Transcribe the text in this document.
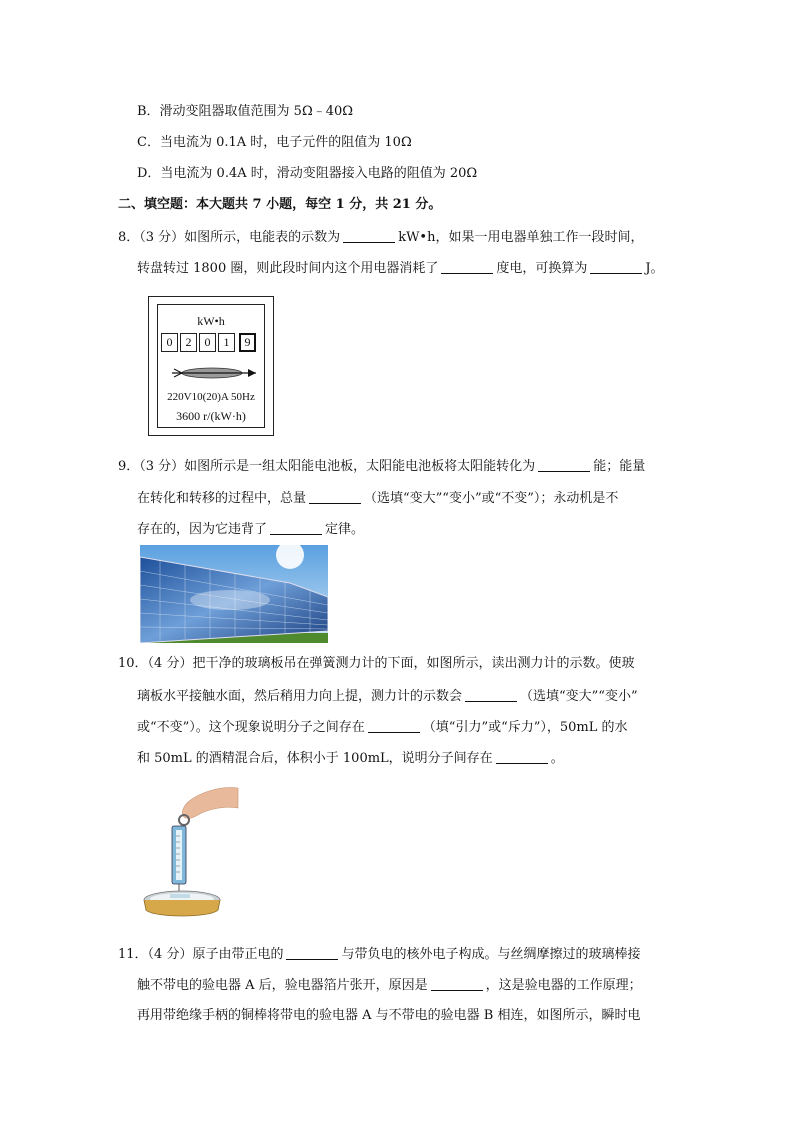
B．滑动变阻器取值范围为 5Ω﹣40Ω
C．当电流为 0.1A 时，电子元件的阻值为 10Ω
D．当电流为 0.4A 时，滑动变阻器接入电路的阻值为 20Ω
二、填空题：本大题共 7 小题，每空 1 分，共 21 分。
8．（3 分）如图所示，电能表的示数为	kW•h，如果一用电器单独工作一段时间，
转盘转过 1800 圈，则此段时间内这个用电器消耗了	度电，可换算为	J。
kW•h
0	2	0	1	9
220V10(20)A 50Hz
3600 r/(kW·h)
9．（3 分）如图所示是一组太阳能电池板，太阳能电池板将太阳能转化为	能；能量
在转化和转移的过程中，总量	（选填“变大”“变小”或“不变”）；永动机是不
存在的，因为它违背了	定律。
10．（4 分）把干净的玻璃板吊在弹簧测力计的下面，如图所示，读出测力计的示数。使玻
璃板水平接触水面，然后稍用力向上提，测力计的示数会	（选填“变大”“变小”
或“不变”）。这个现象说明分子之间存在	（填“引力”或“斥力”），50mL 的水
和 50mL 的酒精混合后，体积小于 100mL，说明分子间存在	。
11．（4 分）原子由带正电的	与带负电的核外电子构成。与丝绸摩擦过的玻璃棒接
触不带电的验电器 A 后，验电器箔片张开，原因是	，这是验电器的工作原理；
再用带绝缘手柄的铜棒将带电的验电器 A 与不带电的验电器 B 相连，如图所示，瞬时电
